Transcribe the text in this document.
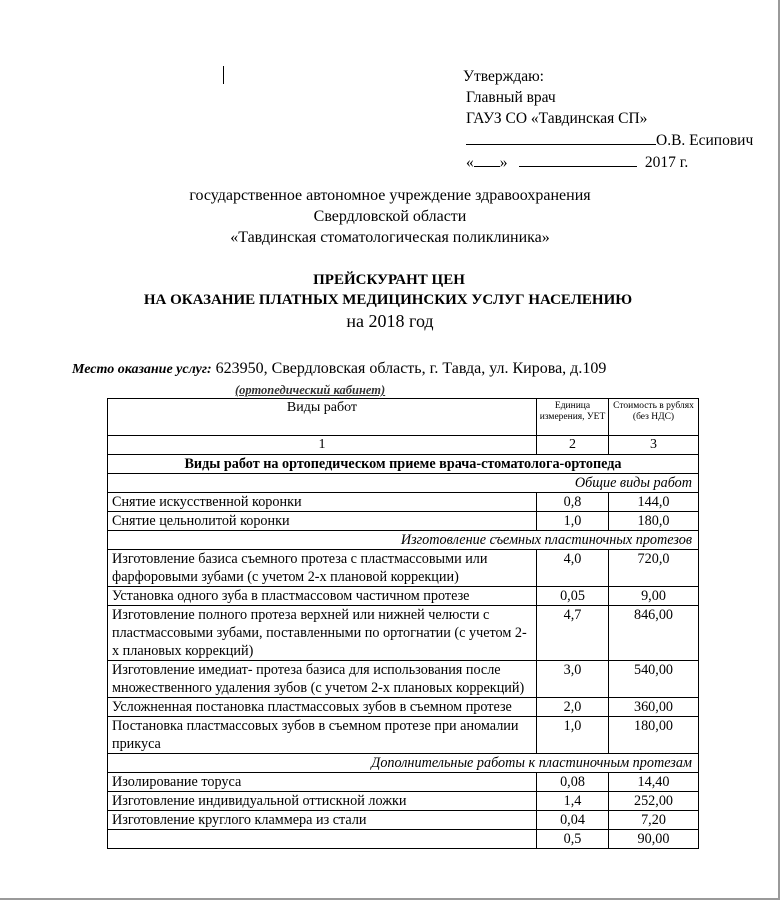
Утверждаю:
Главный врач
ГАУЗ СО «Тавдинская СП»
О.В. Есипович
« »	2017 г.
государственное автономное учреждение здравоохранения
Свердловской области
«Тавдинская стоматологическая поликлиника»
ПРЕЙСКУРАНТ ЦЕН
НА ОКАЗАНИЕ ПЛАТНЫХ МЕДИЦИНСКИХ УСЛУГ НАСЕЛЕНИЮ
на 2018 год
Место оказание услуг: 623950, Свердловская область, г. Тавда, ул. Кирова, д.109
(ортопедический кабинет)
Виды работ	Единица измерения, УЕТ	Стоимость в рублях (без НДС)
1	2	3
Виды работ на ортопедическом приеме врача-стоматолога-ортопеда		
Общие виды работ		
Снятие искусственной коронки	0,8	144,0
Снятие цельнолитой коронки	1,0	180,0
Изготовление съемных пластиночных протезов		
Изготовление базиса съемного протеза с пластмассовыми или фарфоровыми зубами (с учетом 2-х плановой коррекции)	4,0	720,0
Установка одного зуба в пластмассовом частичном протезе	0,05	9,00
Изготовление полного протеза верхней или нижней челюсти с пластмассовыми зубами, поставленными по ортогнатии (с учетом 2-х плановых коррекций)	4,7	846,00
Изготовление имедиат- протеза базиса для использования после множественного удаления зубов (с учетом 2-х плановых коррекций)	3,0	540,00
Усложненная постановка пластмассовых зубов в съемном протезе	2,0	360,00
Постановка пластмассовых зубов в съемном протезе при аномалии прикуса	1,0	180,00
Дополнительные работы к пластиночным протезам		
Изолирование торуса	0,08	14,40
Изготовление индивидуальной оттискной ложки	1,4	252,00
Изготовление круглого кламмера из стали	0,04	7,20
	0,5	90,00
